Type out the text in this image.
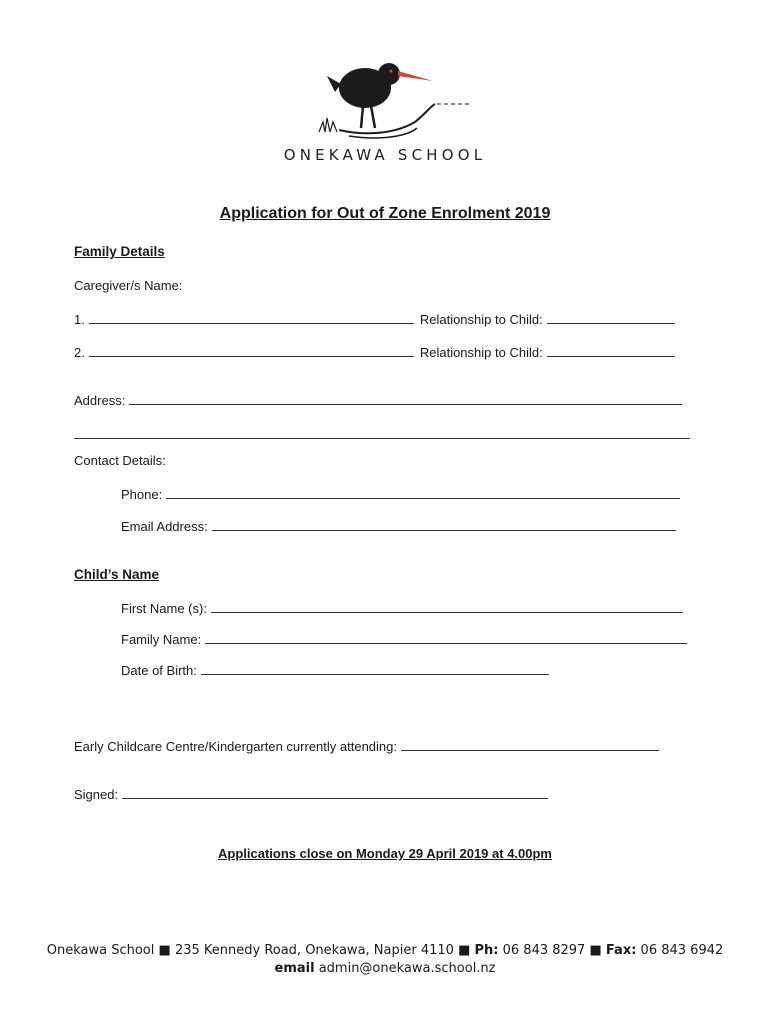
ONEKAWA SCHOOL
Application for Out of Zone Enrolment 2019
Family Details
Caregiver/s Name:
1.	Relationship to Child:
2.	Relationship to Child:
Address:
Contact Details:
Phone:
Email Address:
Child’s Name
First Name (s):
Family Name:
Date of Birth:
Early Childcare Centre/Kindergarten currently attending:
Signed:
Applications close on Monday 29 April 2019 at 4.00pm
Onekawa School ■ 235 Kennedy Road, Onekawa, Napier 4110 ■ Ph: 06 843 8297 ■ Fax: 06 843 6942
email admin@onekawa.school.nz
